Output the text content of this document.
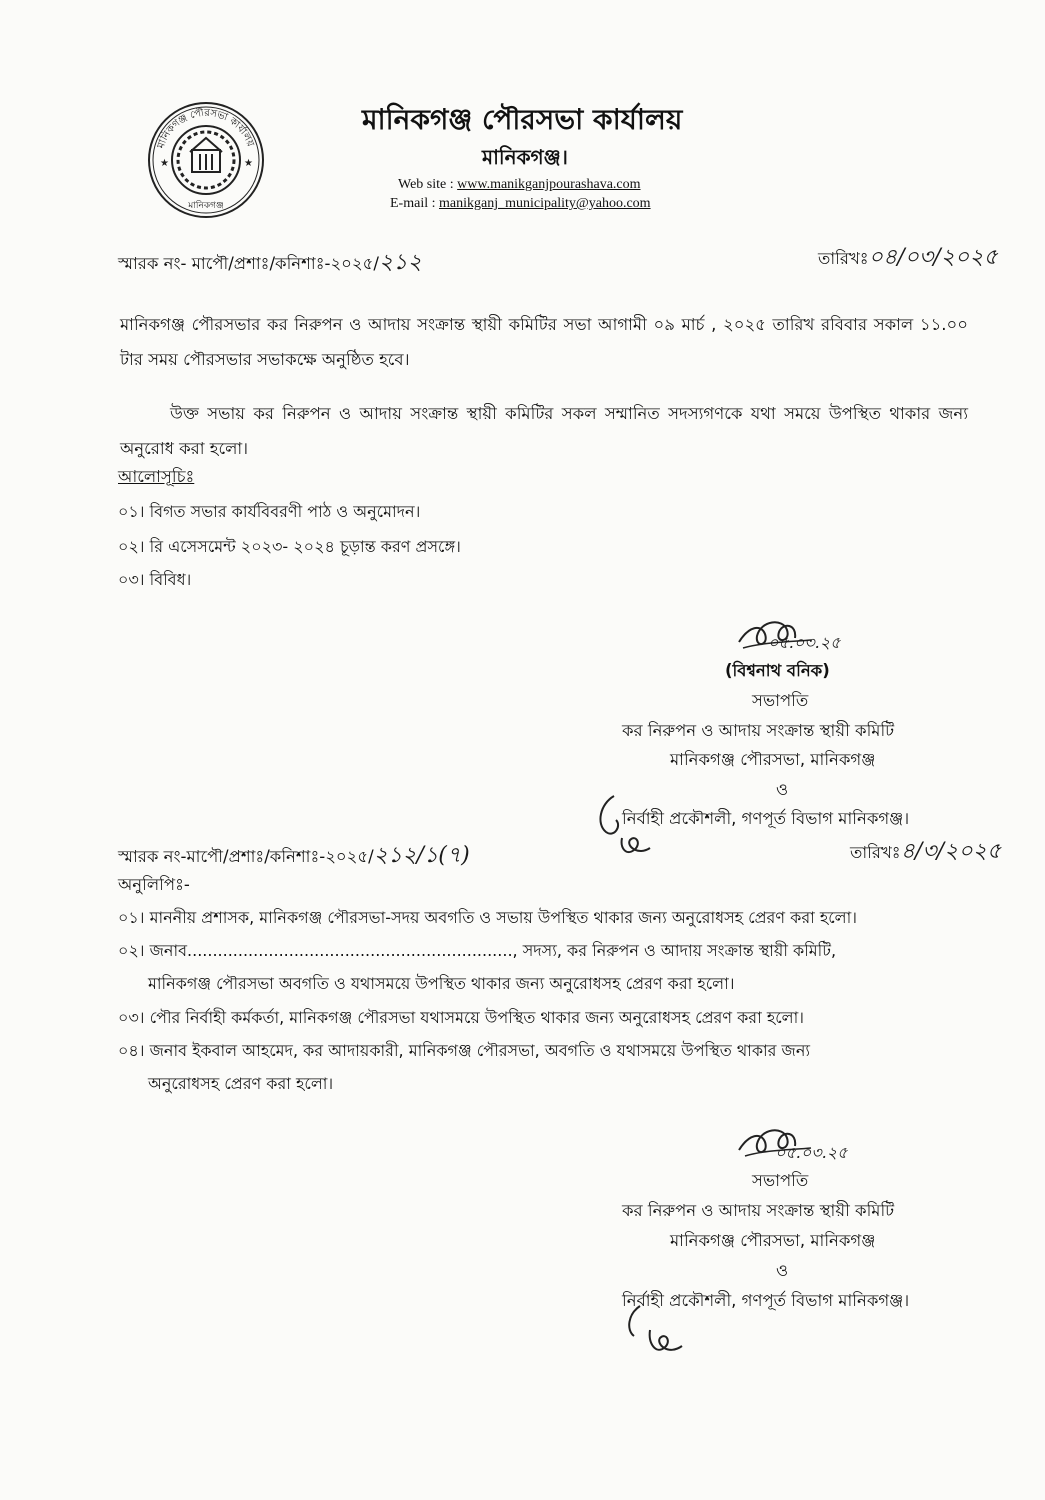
★	★
মানিকগঞ্জ পৌরসভা কার্যালয়
মানিকগঞ্জ
মানিকগঞ্জ পৌরসভা কার্যালয়
মানিকগঞ্জ।
Web site : www.manikganjpourashava.com
E-mail : manikganj_municipality@yahoo.com
স্মারক নং- মাপৌ/প্রশাঃ/কনিশাঃ-২০২৫/২১২	তারিখঃ০৪/০৩/২০২৫
মানিকগঞ্জ পৌরসভার কর নিরুপন ও আদায় সংক্রান্ত স্থায়ী কমিটির সভা আগামী ০৯ মার্চ , ২০২৫ তারিখ রবিবার সকাল ১১.০০ টার সময় পৌরসভার সভাকক্ষে অনুষ্ঠিত হবে।
উক্ত সভায় কর নিরুপন ও আদায় সংক্রান্ত স্থায়ী কমিটির সকল সম্মানিত সদস্যগণকে যথা সময়ে উপস্থিত থাকার জন্য অনুরোধ করা হলো।
আলোসূচিঃ
০১। বিগত সভার কার্যবিবরণী পাঠ ও অনুমোদন।
০২। রি এসেসমেন্ট ২০২৩- ২০২৪ চূড়ান্ত করণ প্রসঙ্গে।
০৩। বিবিধ।
০৫.০৩.২৫
(বিশ্বনাথ বনিক)
সভাপতি
কর নিরুপন ও আদায় সংক্রান্ত স্থায়ী কমিটি
মানিকগঞ্জ পৌরসভা, মানিকগঞ্জ
ও
নির্বাহী প্রকৌশলী, গণপূর্ত বিভাগ মানিকগঞ্জ।
স্মারক নং-মাপৌ/প্রশাঃ/কনিশাঃ-২০২৫/২১২/১(৭)	তারিখঃ৪/৩/২০২৫
অনুলিপিঃ-
০১। মাননীয় প্রশাসক, মানিকগঞ্জ পৌরসভা-সদয় অবগতি ও সভায় উপস্থিত থাকার জন্য অনুরোধসহ প্রেরণ করা হলো।
০২। জনাব................................................................, সদস্য, কর নিরুপন ও আদায় সংক্রান্ত স্থায়ী কমিটি,
মানিকগঞ্জ পৌরসভা অবগতি ও যথাসময়ে উপস্থিত থাকার জন্য অনুরোধসহ প্রেরণ করা হলো।
০৩। পৌর নির্বাহী কর্মকর্তা, মানিকগঞ্জ পৌরসভা যথাসময়ে উপস্থিত থাকার জন্য অনুরোধসহ প্রেরণ করা হলো।
০৪। জনাব ইকবাল আহমেদ, কর আদায়কারী, মানিকগঞ্জ পৌরসভা, অবগতি ও যথাসময়ে উপস্থিত থাকার জন্য
অনুরোধসহ প্রেরণ করা হলো।
০৫.০৩.২৫
সভাপতি
কর নিরুপন ও আদায় সংক্রান্ত স্থায়ী কমিটি
মানিকগঞ্জ পৌরসভা, মানিকগঞ্জ
ও
নির্বাহী প্রকৌশলী, গণপূর্ত বিভাগ মানিকগঞ্জ।
